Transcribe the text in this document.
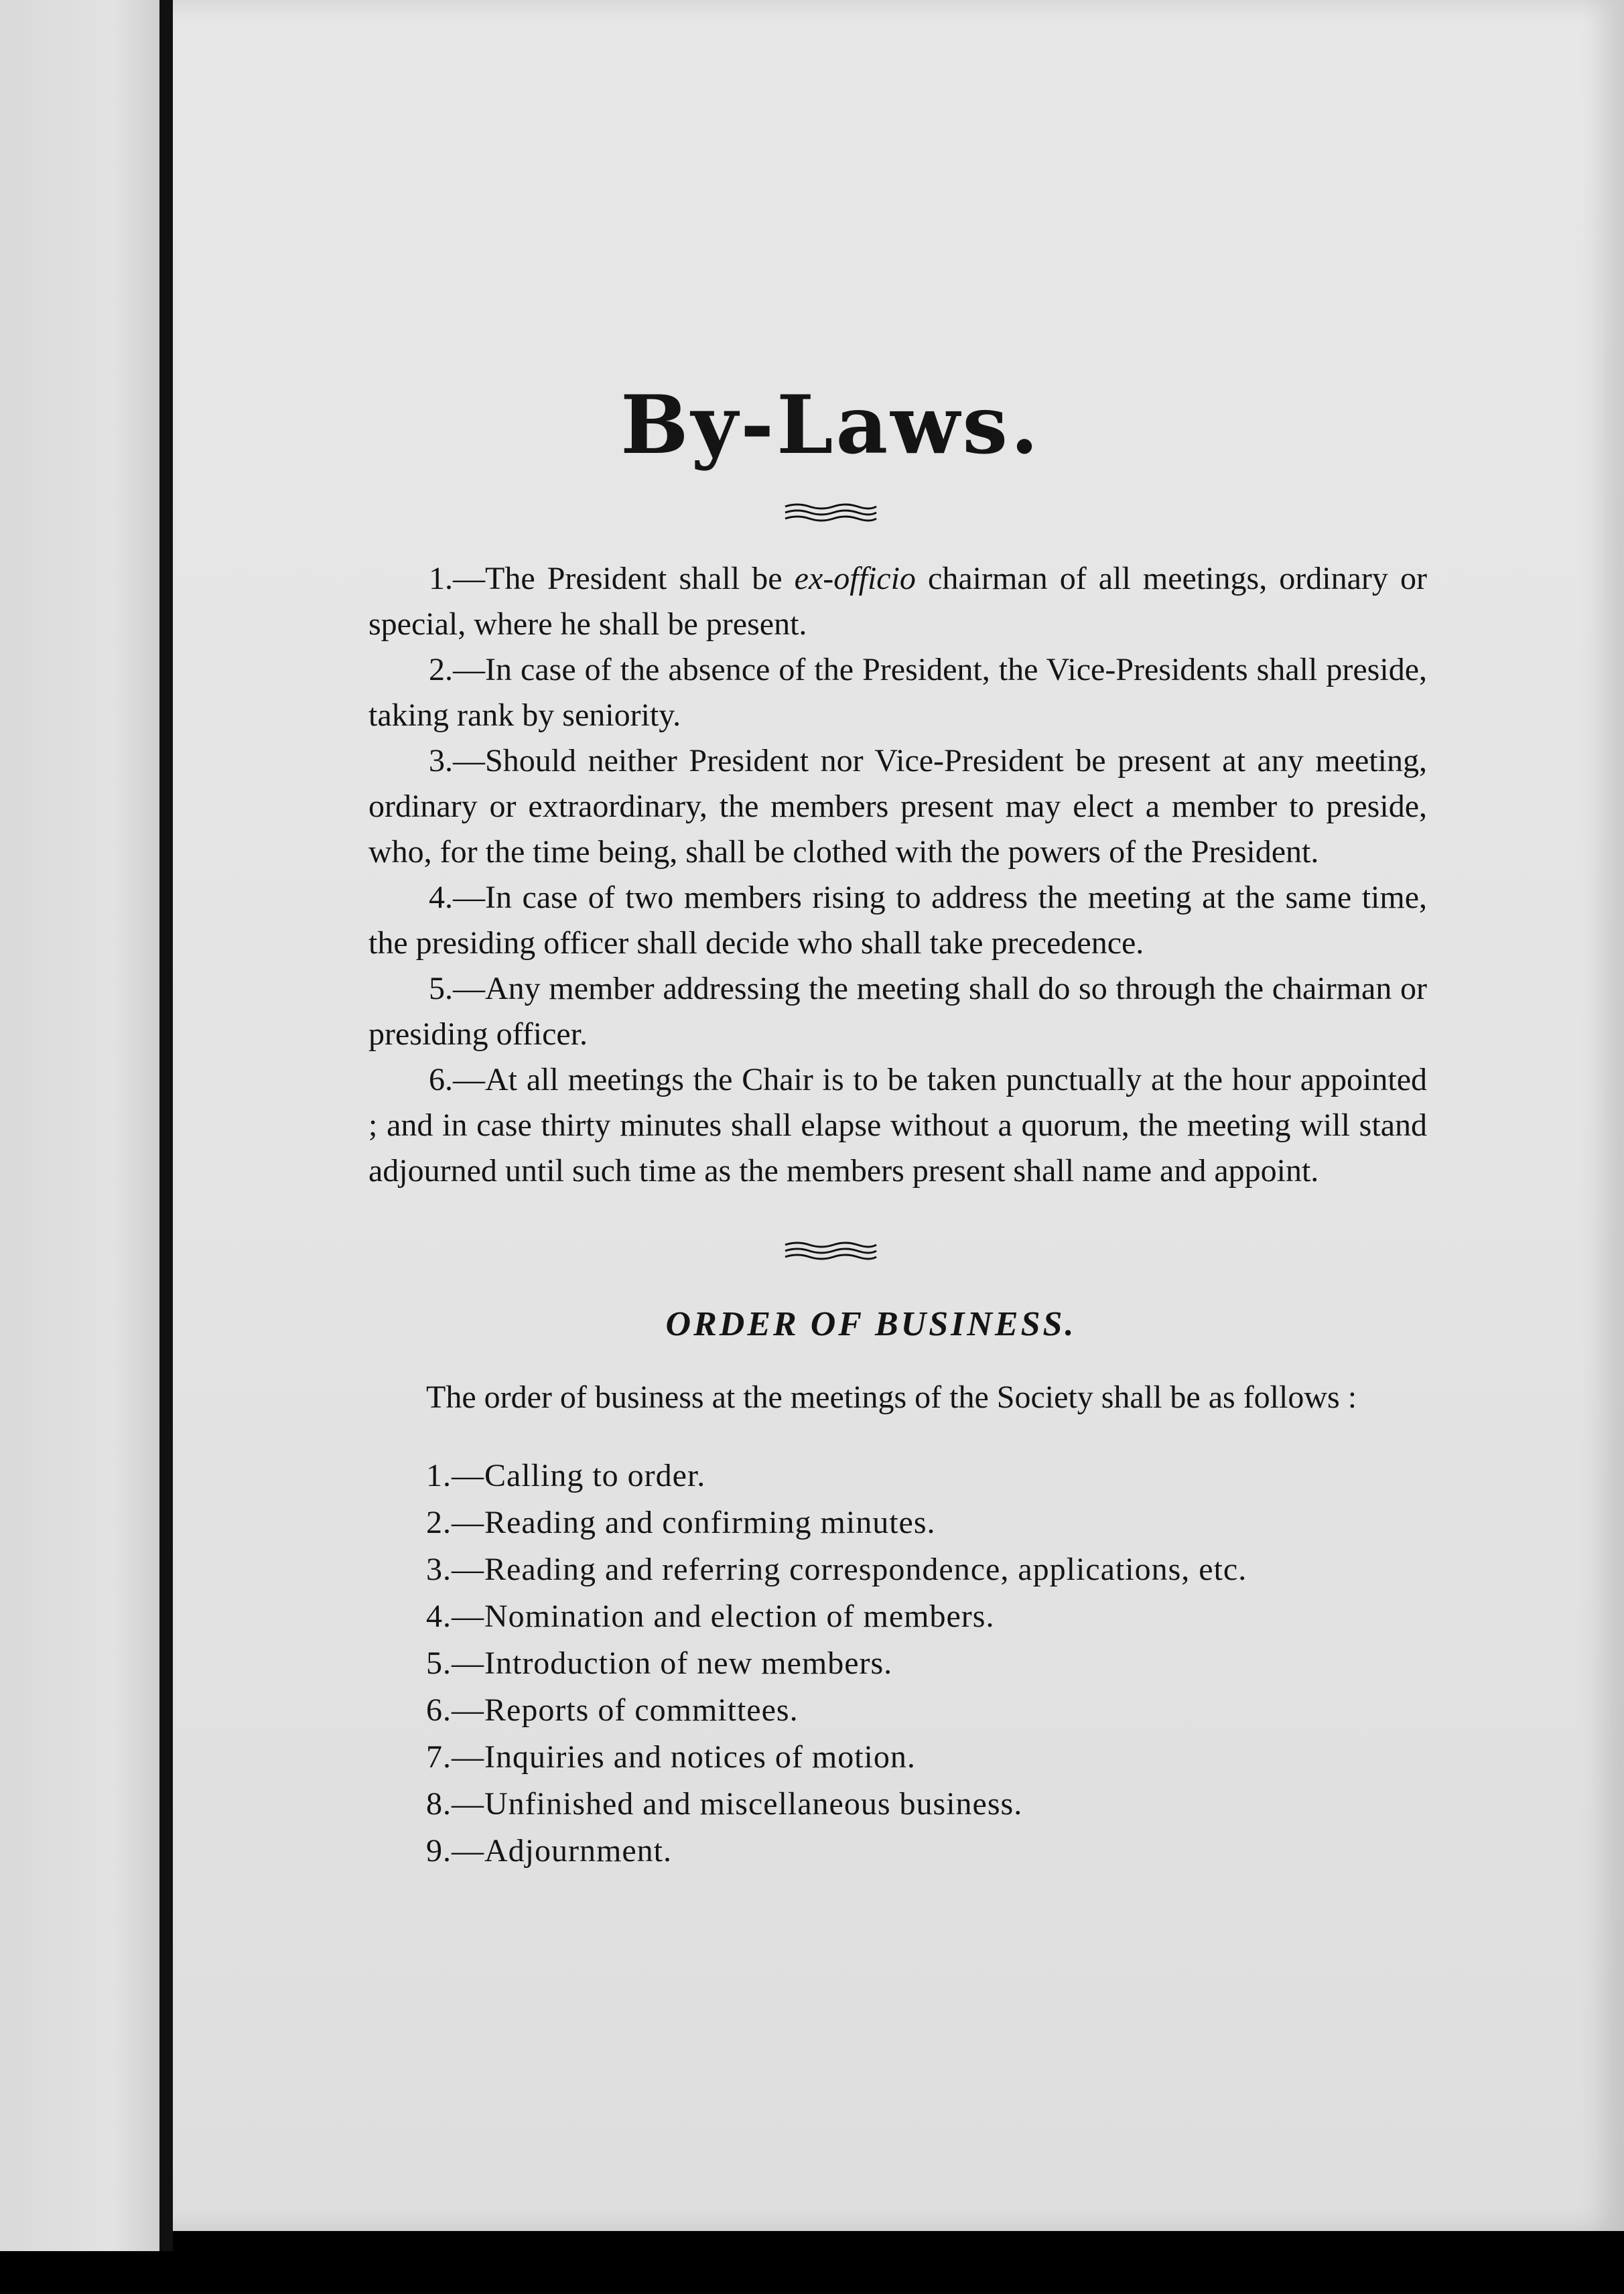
By-Laws.

1.—The President shall be ex-officio chairman of all meetings, ordinary or special, where he shall be present.

2.—In case of the absence of the President, the Vice-Presidents shall preside, taking rank by seniority.

3.—Should neither President nor Vice-President be present at any meeting, ordinary or extraordinary, the members present may elect a member to preside, who, for the time being, shall be clothed with the powers of the President.

4.—In case of two members rising to address the meeting at the same time, the presiding officer shall decide who shall take precedence.

5.—Any member addressing the meeting shall do so through the chairman or presiding officer.

6.—At all meetings the Chair is to be taken punctually at the hour appointed ; and in case thirty minutes shall elapse without a quorum, the meeting will stand adjourned until such time as the members present shall name and appoint.

ORDER OF BUSINESS.

The order of business at the meetings of the Society shall be as follows :

1.—Calling to order.
2.—Reading and confirming minutes.
3.—Reading and referring correspondence, applications, etc.
4.—Nomination and election of members.
5.—Introduction of new members.
6.—Reports of committees.
7.—Inquiries and notices of motion.
8.—Unfinished and miscellaneous business.
9.—Adjournment.
